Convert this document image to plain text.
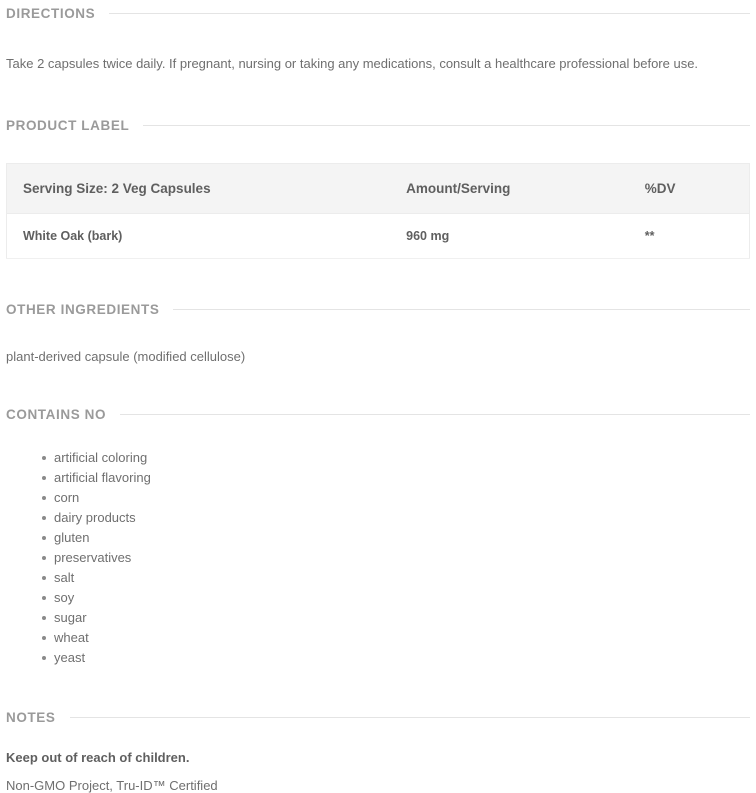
DIRECTIONS

Take 2 capsules twice daily. If pregnant, nursing or taking any medications, consult a healthcare professional before use.

PRODUCT LABEL
Serving Size: 2 Veg Capsules	Amount/Serving	%DV
White Oak (bark)	960 mg	**
OTHER INGREDIENTS

plant-derived capsule (modified cellulose)

CONTAINS NO
artificial coloring
artificial flavoring
corn
dairy products
gluten
preservatives
salt
soy
sugar
wheat
yeast
NOTES

Keep out of reach of children.

Non-GMO Project, Tru-ID™ Certified
